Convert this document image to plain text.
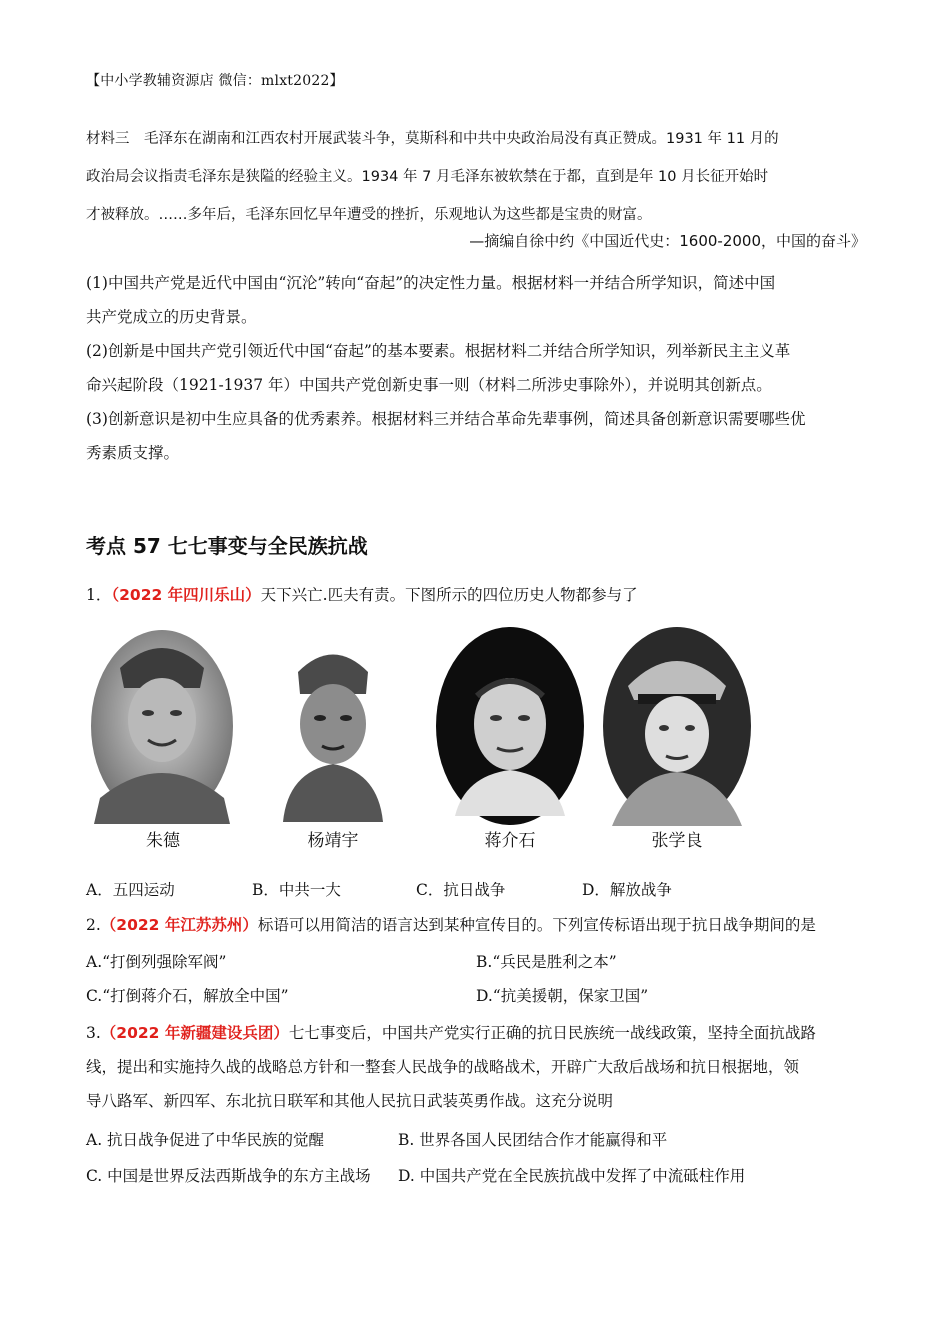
【中小学教辅资源店 微信：mlxt2022】
材料三　毛泽东在湖南和江西农村开展武装斗争，莫斯科和中共中央政治局没有真正赞成。1931 年 11 月的
政治局会议指责毛泽东是狭隘的经验主义。1934 年 7 月毛泽东被软禁在于都，直到是年 10 月长征开始时
才被释放。……多年后，毛泽东回忆早年遭受的挫折，乐观地认为这些都是宝贵的财富。
—摘编自徐中约《中国近代史：1600-2000，中国的奋斗》

(1)中国共产党是近代中国由“沉沦”转向“奋起”的决定性力量。根据材料一并结合所学知识，简述中国

共产党成立的历史背景。

(2)创新是中国共产党引领近代中国“奋起”的基本要素。根据材料二并结合所学知识，列举新民主主义革

命兴起阶段（1921-1937 年）中国共产党创新史事一则（材料二所涉史事除外），并说明其创新点。

(3)创新意识是初中生应具备的优秀素养。根据材料三并结合革命先辈事例，简述具备创新意识需要哪些优

秀素质支撑。

考点 57 七七事变与全民族抗战
1．（2022 年四川乐山）天下兴亡.匹夫有责。下图所示的四位历史人物都参与了
朱德	杨靖宇	蒋介石	张学良
A．五四运动	B．中共一大	C．抗日战争	D．解放战争
2.（2022 年江苏苏州）标语可以用简洁的语言达到某种宣传目的。下列宣传标语出现于抗日战争期间的是
A.“打倒列强除军阀”	B.“兵民是胜利之本”
C.“打倒蒋介石，解放全中国”	D.“抗美援朝，保家卫国”
3.（2022 年新疆建设兵团）七七事变后，中国共产党实行正确的抗日民族统一战线政策，坚持全面抗战路
线，提出和实施持久战的战略总方针和一整套人民战争的战略战术，开辟广大敌后战场和抗日根据地，领
导八路军、新四军、东北抗日联军和其他人民抗日武装英勇作战。这充分说明
A. 抗日战争促进了中华民族的觉醒	B. 世界各国人民团结合作才能赢得和平
C. 中国是世界反法西斯战争的东方主战场 D. 中国共产党在全民族抗战中发挥了中流砥柱作用
